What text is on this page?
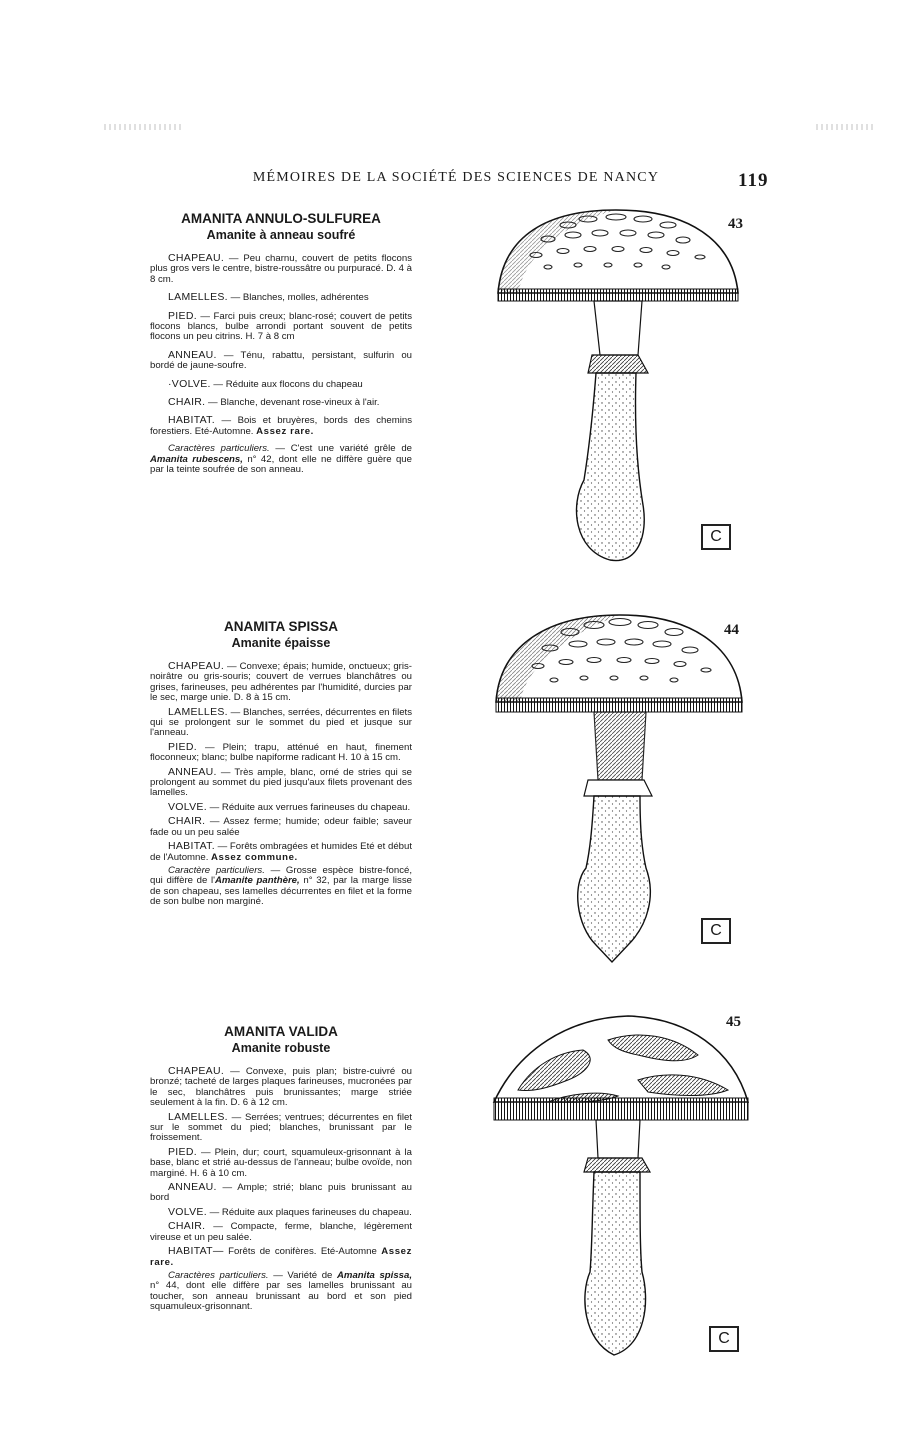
MÉMOIRES DE LA SOCIÉTÉ DES SCIENCES DE NANCY	119

AMANITA ANNULO-SULFUREA

Amanite à anneau soufré

CHAPEAU. — Peu charnu, couvert de petits flocons plus gros vers le centre, bistre-roussâtre ou purpuracé. D. 4 à 8 cm.

LAMELLES. — Blanches, molles, adhérentes

PIED. — Farci puis creux; blanc-rosé; couvert de petits flocons blancs, bulbe arrondi portant souvent de petits flocons un peu citrins. H. 7 à 8 cm

ANNEAU. — Ténu, rabattu, persistant, sulfurin ou bordé de jaune-soufre.

·VOLVE. — Réduite aux flocons du chapeau

CHAIR. — Blanche, devenant rose-vineux à l'air.

HABITAT. — Bois et bruyères, bords des chemins forestiers. Eté-Automne. Assez rare.

Caractères particuliers. — C'est une variété grêle de Amanita rubescens, n° 42, dont elle ne diffère guère que par la teinte soufrée de son anneau.

43
C

ANAMITA SPISSA

Amanite épaisse

CHAPEAU. — Convexe; épais; humide, onctueux; gris-noirâtre ou gris-souris; couvert de verrues blanchâtres ou grises, farineuses, peu adhérentes par l'humidité, durcies par le sec, marge unie. D. 8 à 15 cm.

LAMELLES. — Blanches, serrées, décurrentes en filets qui se prolongent sur le sommet du pied et jusque sur l'anneau.

PIED. — Plein; trapu, atténué en haut, finement floconneux; blanc; bulbe napiforme radicant H. 10 à 15 cm.

ANNEAU. — Très ample, blanc, orné de stries qui se prolongent au sommet du pied jusqu'aux filets provenant des lamelles.

VOLVE. — Réduite aux verrues farineuses du chapeau.

CHAIR. — Assez ferme; humide; odeur faible; saveur fade ou un peu salée

HABITAT. — Forêts ombragées et humides Eté et début de l'Automne. Assez commune.

Caractère particuliers. — Grosse espèce bistre-foncé, qui diffère de l'Amanite panthère, n° 32, par la marge lisse de son chapeau, ses lamelles décurrentes en filet et la forme de son bulbe non marginé.

44
C

AMANITA VALIDA

Amanite robuste

CHAPEAU. — Convexe, puis plan; bistre-cuivré ou bronzé; tacheté de larges plaques farineuses, mucronées par le sec, blanchâtres puis brunissantes; marge striée seulement à la fin. D. 6 à 12 cm.

LAMELLES. — Serrées; ventrues; décurrentes en filet sur le sommet du pied; blanches, brunissant par le froissement.

PIED. — Plein, dur; court, squamuleux-grisonnant à la base, blanc et strié au-dessus de l'anneau; bulbe ovoïde, non marginé. H. 6 à 10 cm.

ANNEAU. — Ample; strié; blanc puis brunissant au bord

VOLVE. — Réduite aux plaques farineuses du chapeau.

CHAIR. — Compacte, ferme, blanche, légèrement vireuse et un peu salée.

HABITAT— Forêts de conifères. Eté-Automne Assez rare.

Caractères particuliers. — Variété de Amanita spissa, n° 44, dont elle diffère par ses lamelles brunissant au toucher, son anneau brunissant au bord et son pied squamuleux-grisonnant.

45
C
